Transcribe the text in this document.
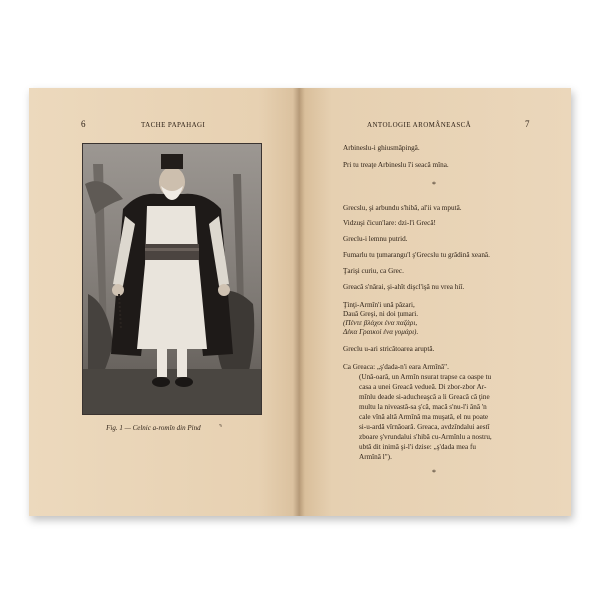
6	TACHE PAPAHAGI
Fig. 1 — Celnic a-romîn din Pind	⌝
ANTOLOGIE AROMÂNEASCĂ	7
Arbineslu-i ghiusmăpingă.
Pri tu treaţe Arbineslu î'i seacă mîna.
*
Grecslu, şi arbundu s'hibă, al'ii va mputâ.
Vidzuşi ĉicun'lare: dzi-l'i Grecă!
Greclu-i lemnu putrid.
Fumarlu tu ţumarangu'l ş'Grecslu tu grădină xeană.
Ţarişi curiu, ca Grec.
Greacă s'nărai, şi-ahît dişcl'işă nu vrea hiî.
Ţinţi-Armîn'i ună păzari,
Dauă Greşi, ni doi ţumari.
(Πέντε βλάχοι ένα παζάρι,
Δέκα Γραικοί ένα γομάρι).
Greclu u-ari stricătoarea aruptă.
Ca Greaca: „ş'dada-n'i eara Armînă".
(Ună-oară, un Armîn nsurat trapse ca oaspe tu
casa a unei Greacă vedueă. Di zbor-zbor Ar-
mînlu deade si-aducheaşcă a li Greacă că ţine
multu la niveastă-sa ş'că, macă s'nu-l'i ănă 'n
cale vînă altă Armînă ma muşată, el nu poate
si-u-ardă vîrnăoară. Greaca, avdzîndalui aestî
zboare ş'vrundalui s'hibă cu-Armînlu a nostru,
ubtă dit inimă şi-l'i dzise: „ş'dada mea fu
Armînă l").
*
